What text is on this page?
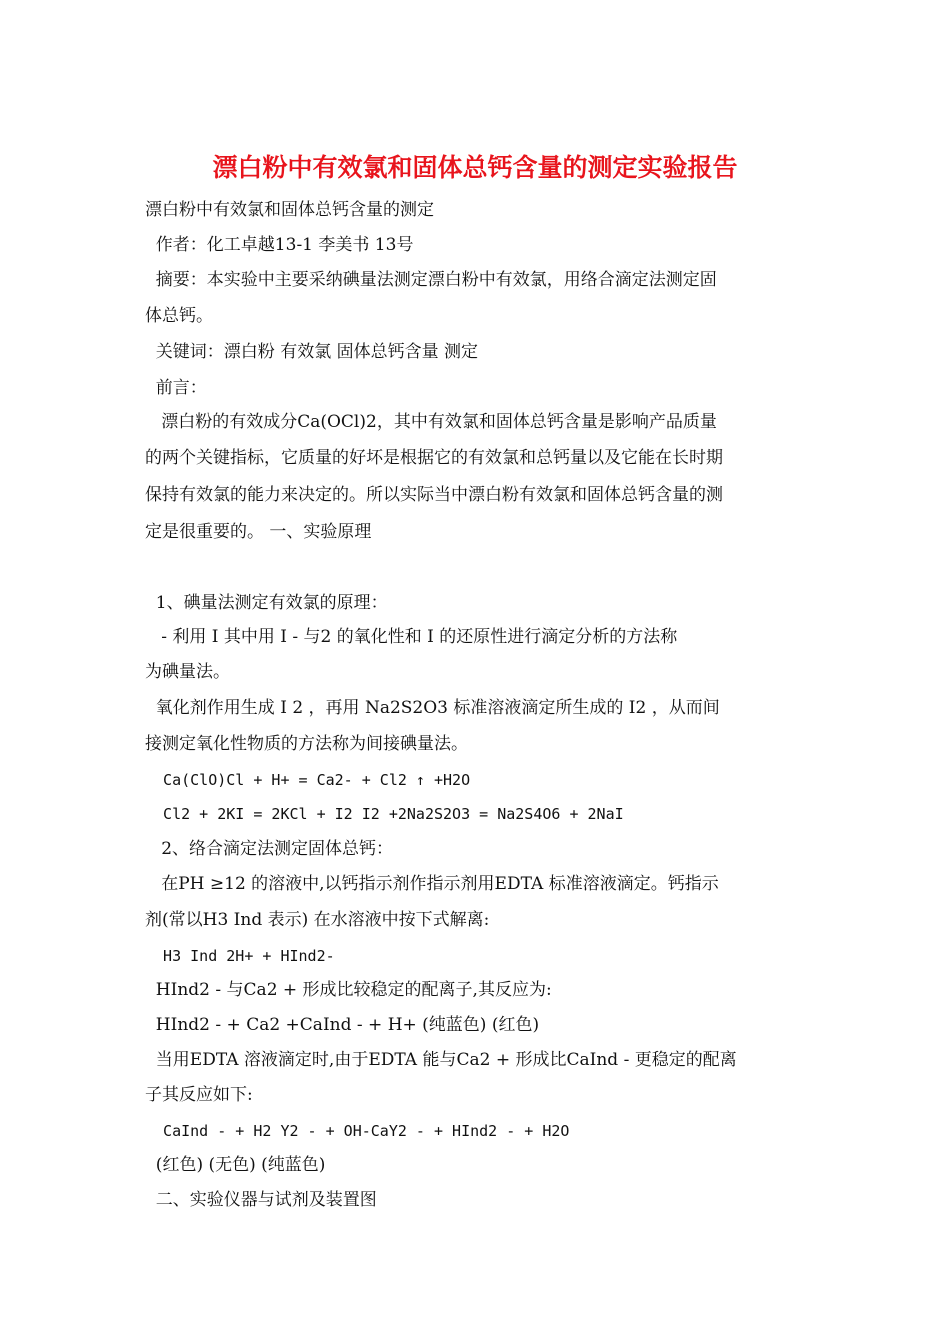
漂白粉中有效氯和固体总钙含量的测定实验报告
漂白粉中有效氯和固体总钙含量的测定
作者：化工卓越13-1 李美书 13号
摘要：本实验中主要采纳碘量法测定漂白粉中有效氯，用络合滴定法测定固
体总钙。
关键词：漂白粉 有效氯 固体总钙含量 测定
前言：
漂白粉的有效成分Ca(OCl)2，其中有效氯和固体总钙含量是影响产品质量
的两个关键指标，它质量的好坏是根据它的有效氯和总钙量以及它能在长时期
保持有效氯的能力来决定的。所以实际当中漂白粉有效氯和固体总钙含量的测
定是很重要的。 一、实验原理
1、碘量法测定有效氯的原理：
- 利用 I 其中用 I - 与2 的氧化性和 I 的还原性进行滴定分析的方法称
为碘量法。
氧化剂作用生成 I 2 ，再用 Na2S2O3 标准溶液滴定所生成的 I2 ，从而间
接测定氧化性物质的方法称为间接碘量法。
Ca(ClO)Cl + H+ = Ca2- + Cl2 ↑ +H2O
Cl2 + 2KI = 2KCl + I2 I2 +2Na2S2O3 = Na2S4O6 + 2NaI
2、络合滴定法测定固体总钙：
在PH ≥12 的溶液中,以钙指示剂作指示剂用EDTA 标准溶液滴定。钙指示
剂(常以H3 Ind 表示) 在水溶液中按下式解离:
H3 Ind 2H+ + HInd2-
HInd2 - 与Ca2 + 形成比较稳定的配离子,其反应为:
HInd2 - + Ca2 +CaInd - + H+ (纯蓝色) (红色)
当用EDTA 溶液滴定时,由于EDTA 能与Ca2 + 形成比CaInd - 更稳定的配离
子其反应如下:
CaInd - + H2 Y2 - + OH-CaY2 - + HInd2 - + H2O
(红色) (无色) (纯蓝色)
二、实验仪器与试剂及装置图
